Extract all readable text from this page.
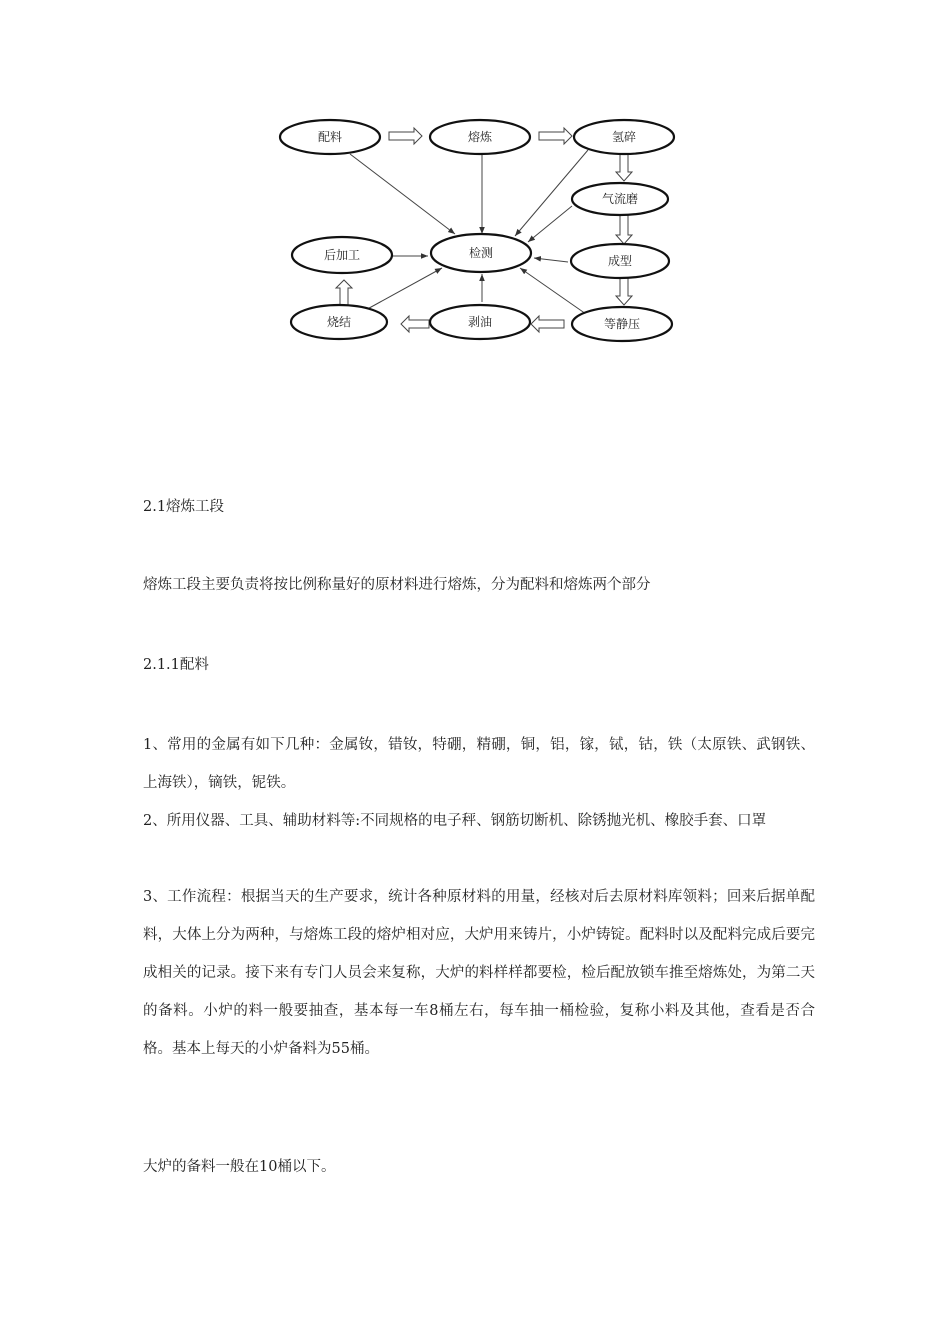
配料	熔炼	氢碎
气流磨
检测
后加工	成型
烧结	剥油	等静压
2.1熔炼工段
熔炼工段主要负责将按比例称量好的原材料进行熔炼，分为配料和熔炼两个部分
2.1.1配料
1、常用的金属有如下几种：金属钕，错钕，特硼，精硼，铜，铝，镓，铽，钴，铁（太原铁、武钢铁、上海铁），镝铁，铌铁。
2、所用仪器、工具、辅助材料等:不同规格的电子秤、钢筋切断机、除锈抛光机、橡胶手套、口罩
3、工作流程：根据当天的生产要求，统计各种原材料的用量，经核对后去原材料库领料；回来后据单配料，大体上分为两种，与熔炼工段的熔炉相对应，大炉用来铸片，小炉铸锭。配料时以及配料完成后要完成相关的记录。接下来有专门人员会来复称，大炉的料样样都要检，检后配放锁车推至熔炼处，为第二天的备料。小炉的料一般要抽查，基本每一车8桶左右，每车抽一桶检验，复称小料及其他，查看是否合格。基本上每天的小炉备料为55桶。
大炉的备料一般在10桶以下。
